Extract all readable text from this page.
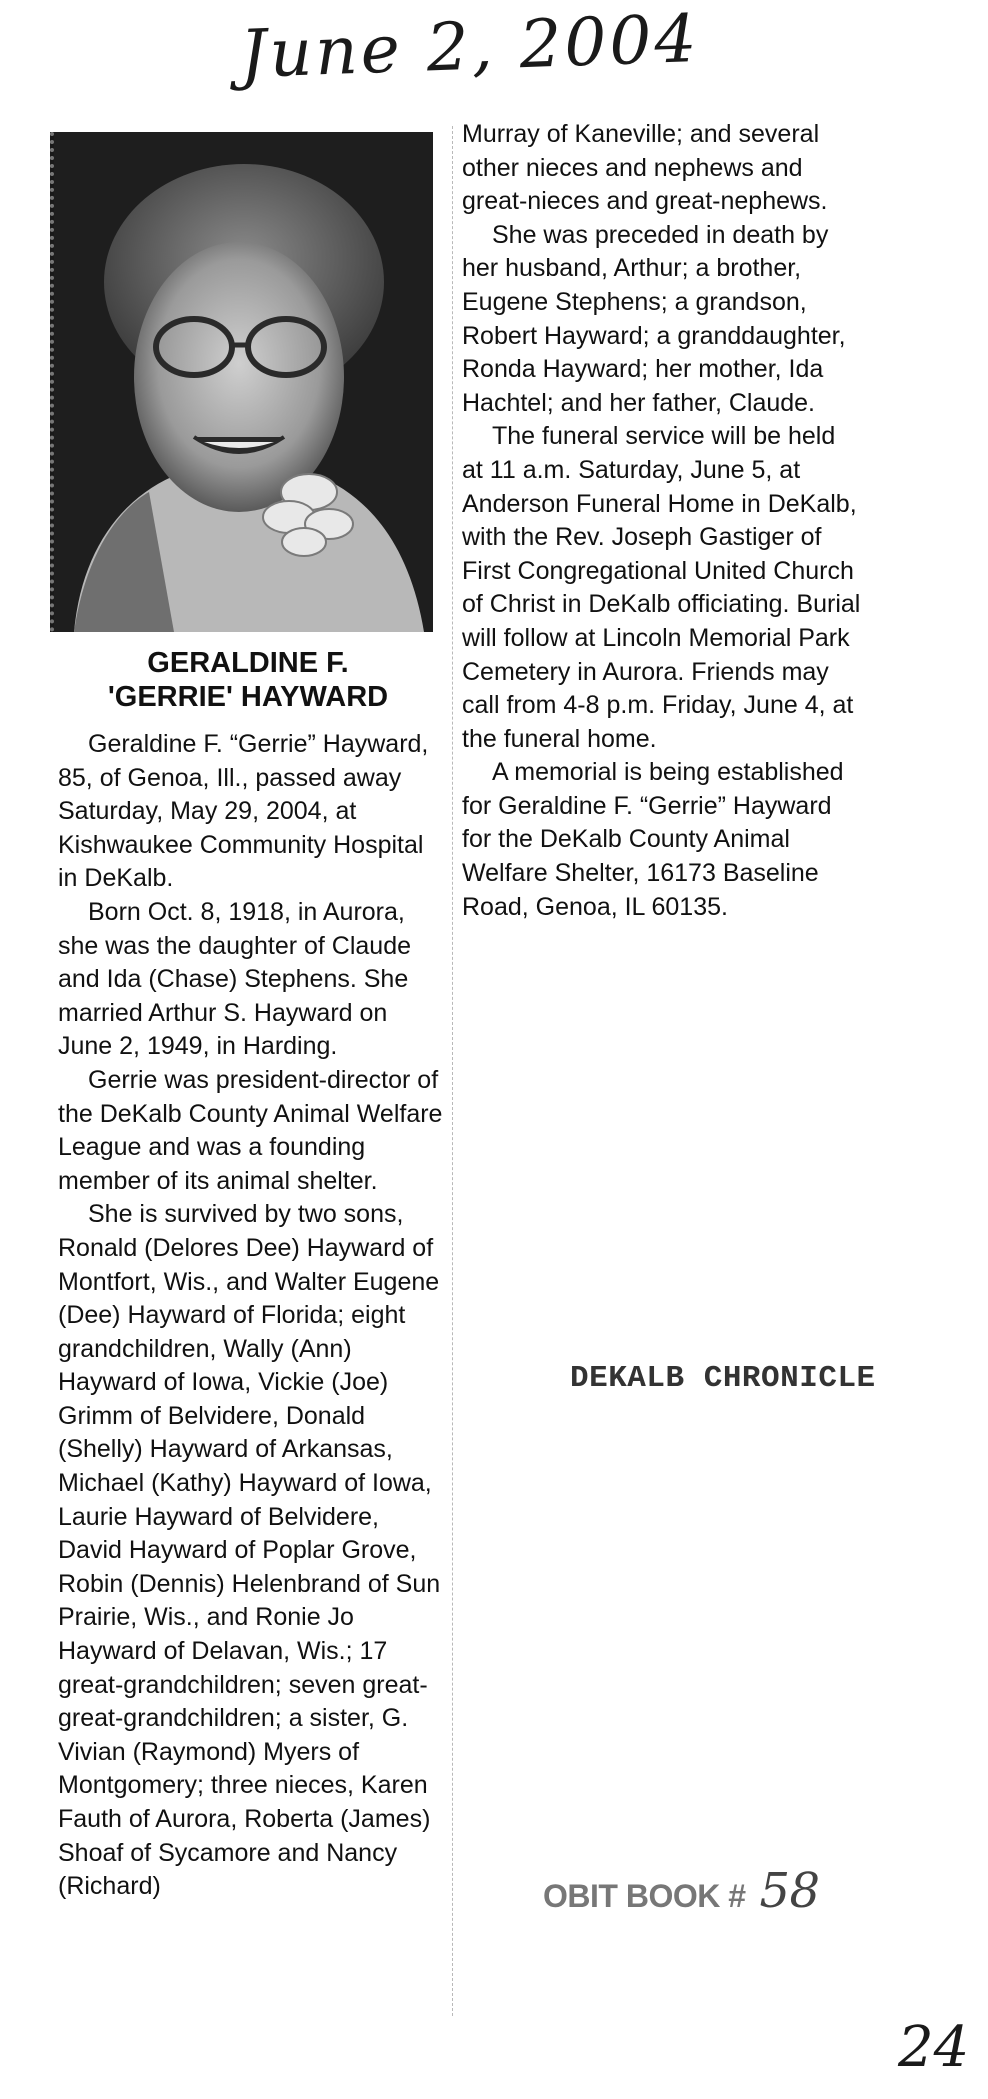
June 2, 2004
GERALDINE F.
'GERRIE' HAYWARD

Geraldine F. “Gerrie” Hayward, 85, of Genoa, Ill., passed away Saturday, May 29, 2004, at Kishwaukee Community Hospital in DeKalb.

Born Oct. 8, 1918, in Aurora, she was the daughter of Claude and Ida (Chase) Stephens. She married Arthur S. Hayward on June 2, 1949, in Harding.

Gerrie was president-director of the DeKalb County Animal Welfare League and was a founding member of its animal shelter.

She is survived by two sons, Ronald (Delores Dee) Hayward of Montfort, Wis., and Walter Eugene (Dee) Hayward of Florida; eight grandchildren, Wally (Ann) Hayward of Iowa, Vickie (Joe) Grimm of Belvidere, Donald (Shelly) Hayward of Arkansas, Michael (Kathy) Hayward of Iowa, Laurie Hayward of Belvidere, David Hayward of Poplar Grove, Robin (Dennis) Helenbrand of Sun Prairie, Wis., and Ronie Jo Hayward of Delavan, Wis.; 17 great-grandchildren; seven great-great-grandchildren; a sister, G. Vivian (Raymond) Myers of Montgomery; three nieces, Karen Fauth of Aurora, Roberta (James) Shoaf of Sycamore and Nancy (Richard)

Murray of Kaneville; and several other nieces and nephews and great-nieces and great-nephews.

She was preceded in death by her husband, Arthur; a brother, Eugene Stephens; a grandson, Robert Hayward; a granddaughter, Ronda Hayward; her mother, Ida Hachtel; and her father, Claude.

The funeral service will be held at 11 a.m. Saturday, June 5, at Anderson Funeral Home in DeKalb, with the Rev. Joseph Gastiger of First Congregational United Church of Christ in DeKalb officiating. Burial will follow at Lincoln Memorial Park Cemetery in Aurora. Friends may call from 4-8 p.m. Friday, June 4, at the funeral home.

A memorial is being established for Geraldine F. “Gerrie” Hayward for the DeKalb County Animal Welfare Shelter, 16173 Baseline Road, Genoa, IL 60135.

DEKALB CHRONICLE
OBIT BOOK # 58
24
